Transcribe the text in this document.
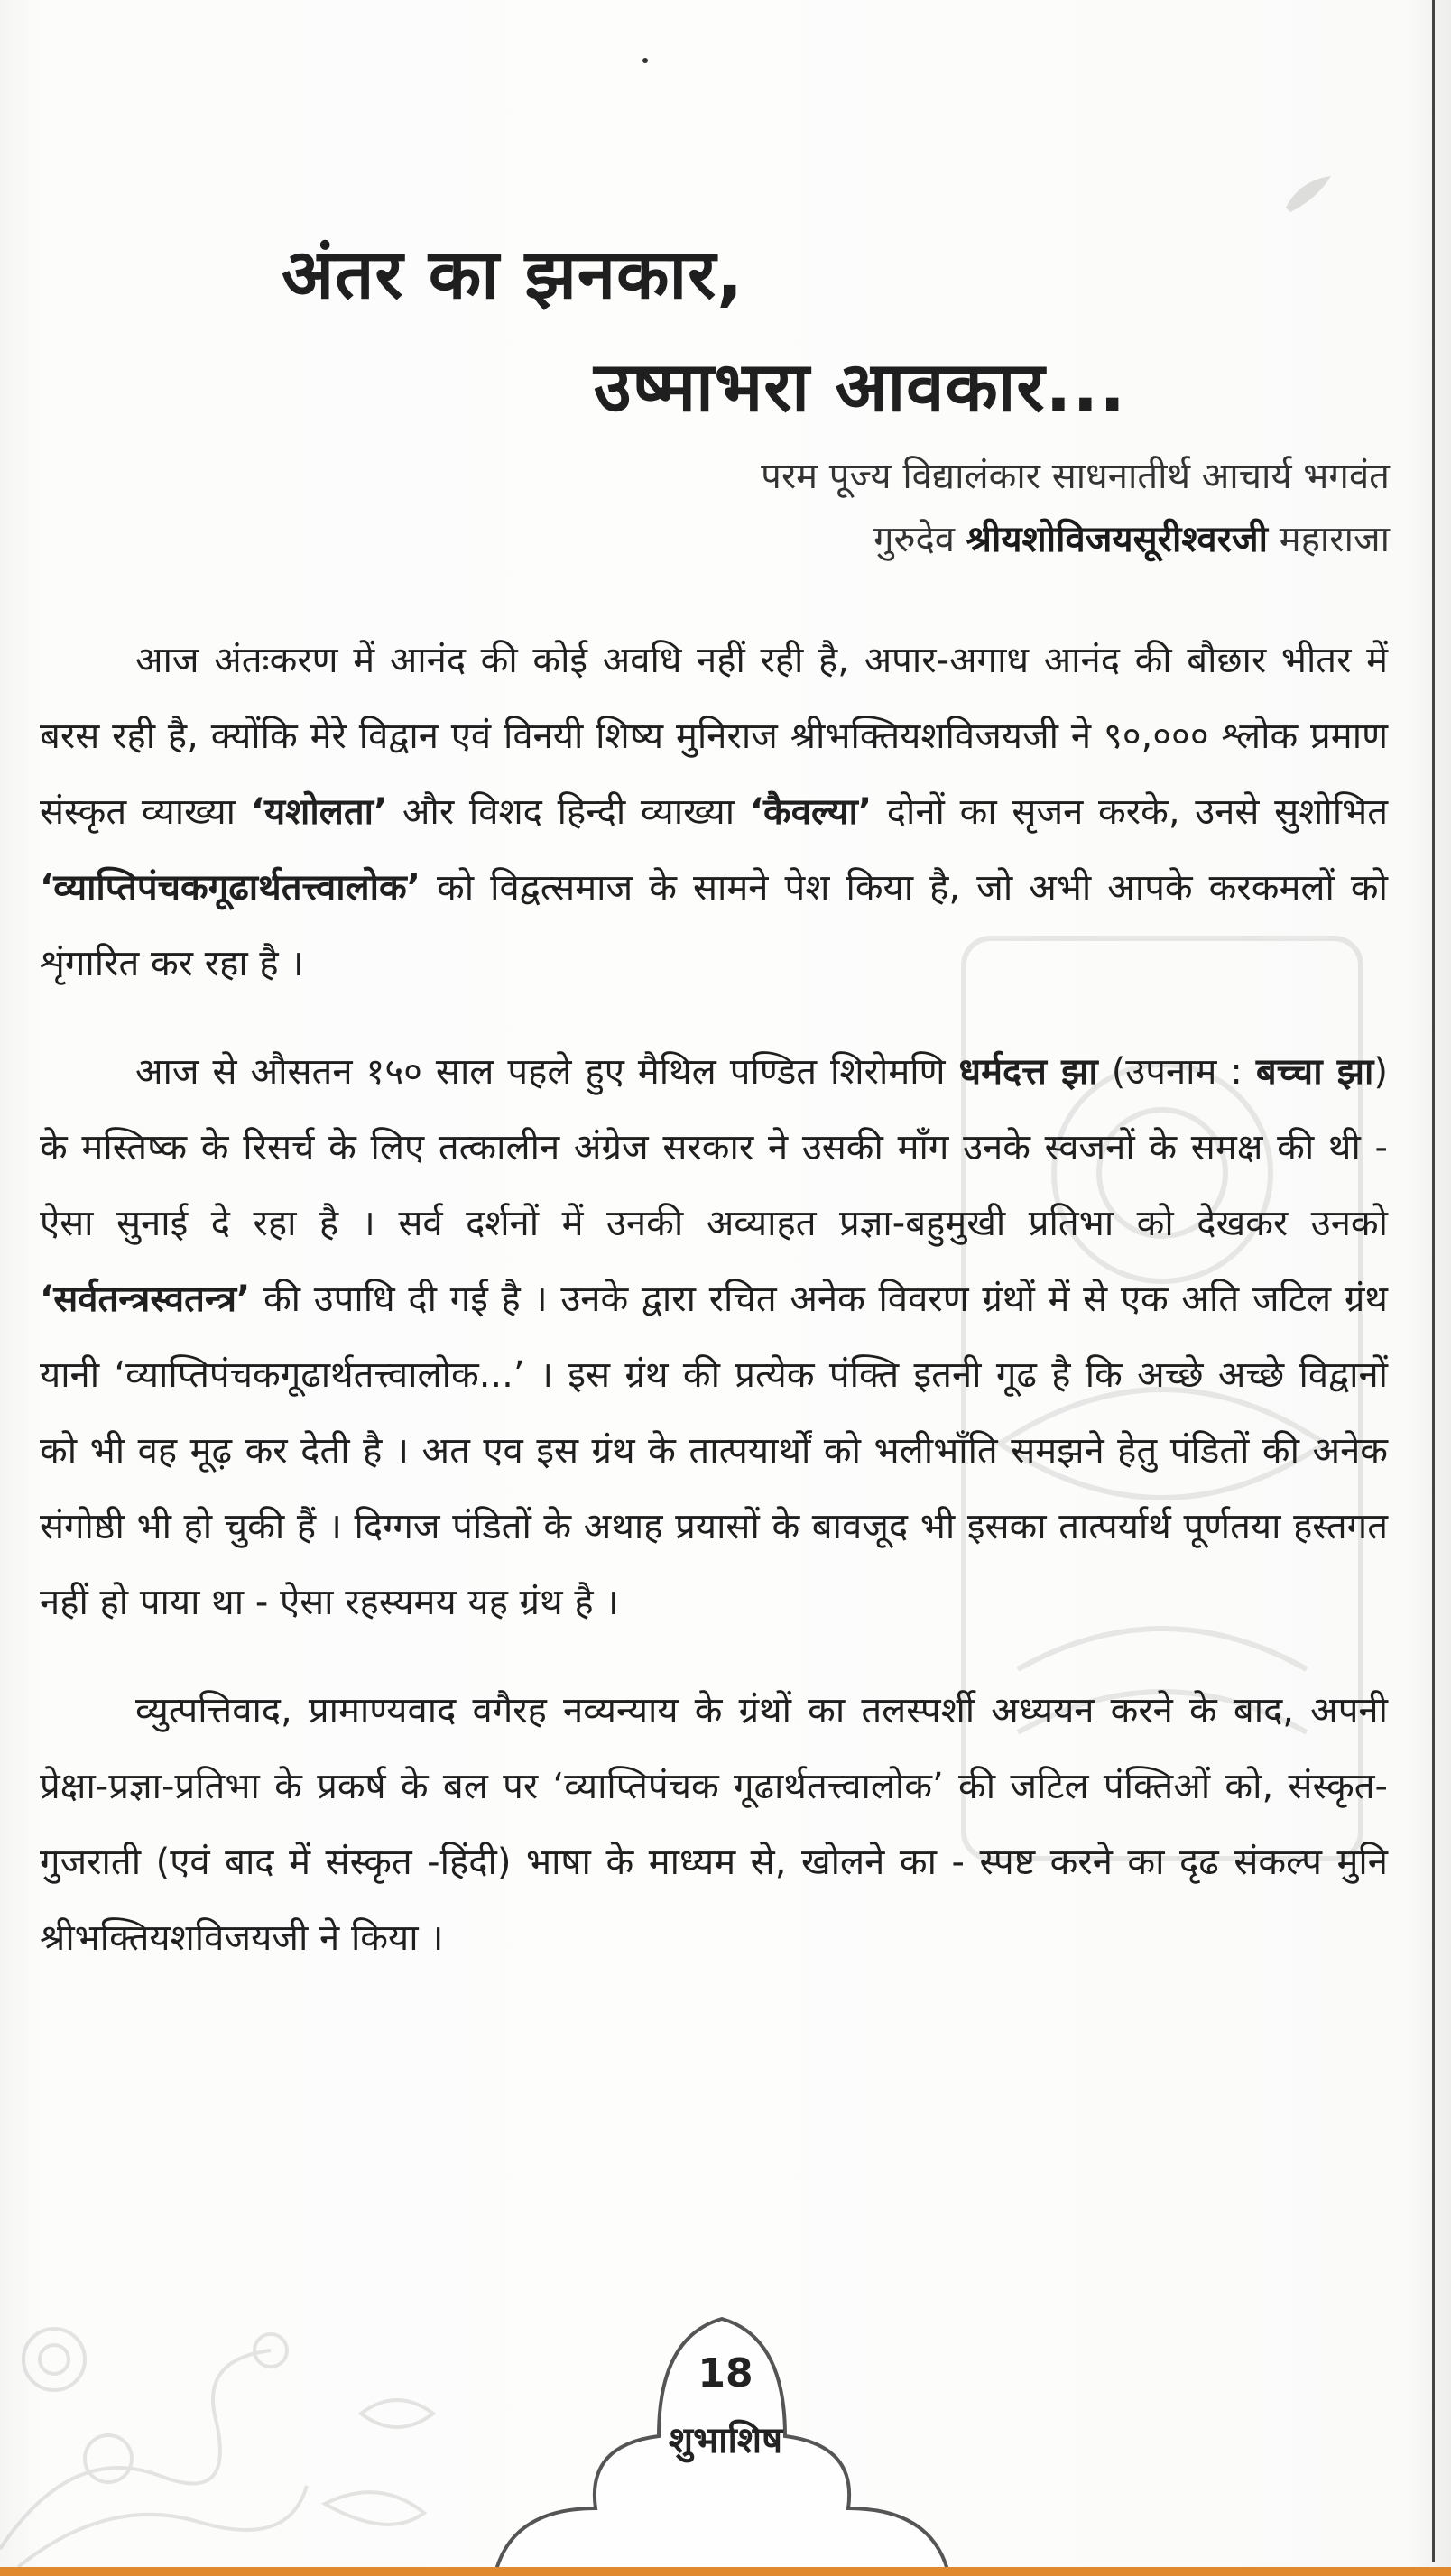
अंतर का झनकार,
उष्माभरा आवकार...
परम पूज्य विद्यालंकार साधनातीर्थ आचार्य भगवंत
गुरुदेव श्रीयशोविजयसूरीश्वरजी महाराजा

आज अंतःकरण में आनंद की कोई अवधि नहीं रही है, अपार-अगाध आनंद की बौछार भीतर में बरस रही है, क्योंकि मेरे विद्वान एवं विनयी शिष्य मुनिराज श्रीभक्तियशविजयजी ने ९०,००० श्लोक प्रमाण संस्कृत व्याख्या ‘यशोलता’ और विशद हिन्दी व्याख्या ‘कैवल्या’ दोनों का सृजन करके, उनसे सुशोभित ‘व्याप्तिपंचकगूढार्थतत्त्वालोक’ को विद्वत्समाज के सामने पेश किया है, जो अभी आपके करकमलों को शृंगारित कर रहा है ।

आज से औसतन १५० साल पहले हुए मैथिल पण्डित शिरोमणि धर्मदत्त झा (उपनाम : बच्चा झा) के मस्तिष्क के रिसर्च के लिए तत्कालीन अंग्रेज सरकार ने उसकी माँग उनके स्वजनों के समक्ष की थी - ऐसा सुनाई दे रहा है । सर्व दर्शनों में उनकी अव्याहत प्रज्ञा-बहुमुखी प्रतिभा को देखकर उनको ‘सर्वतन्त्रस्वतन्त्र’ की उपाधि दी गई है । उनके द्वारा रचित अनेक विवरण ग्रंथों में से एक अति जटिल ग्रंथ यानी ‘व्याप्तिपंचकगूढार्थतत्त्वालोक...’ । इस ग्रंथ की प्रत्येक पंक्ति इतनी गूढ है कि अच्छे अच्छे विद्वानों को भी वह मूढ़ कर देती है । अत एव इस ग्रंथ के तात्पयार्थों को भलीभाँति समझने हेतु पंडितों की अनेक संगोष्ठी भी हो चुकी हैं । दिग्गज पंडितों के अथाह प्रयासों के बावजूद भी इसका तात्पर्यार्थ पूर्णतया हस्तगत नहीं हो पाया था - ऐसा रहस्यमय यह ग्रंथ है ।

व्युत्पत्तिवाद, प्रामाण्यवाद वगैरह नव्यन्याय के ग्रंथों का तलस्पर्शी अध्ययन करने के बाद, अपनी प्रेक्षा-प्रज्ञा-प्रतिभा के प्रकर्ष के बल पर ‘व्याप्तिपंचक गूढार्थतत्त्वालोक’ की जटिल पंक्तिओं को, संस्कृत-गुजराती (एवं बाद में संस्कृत -हिंदी) भाषा के माध्यम से, खोलने का - स्पष्ट करने का दृढ संकल्प मुनि श्रीभक्तियशविजयजी ने किया ।

18
शुभाशिष
